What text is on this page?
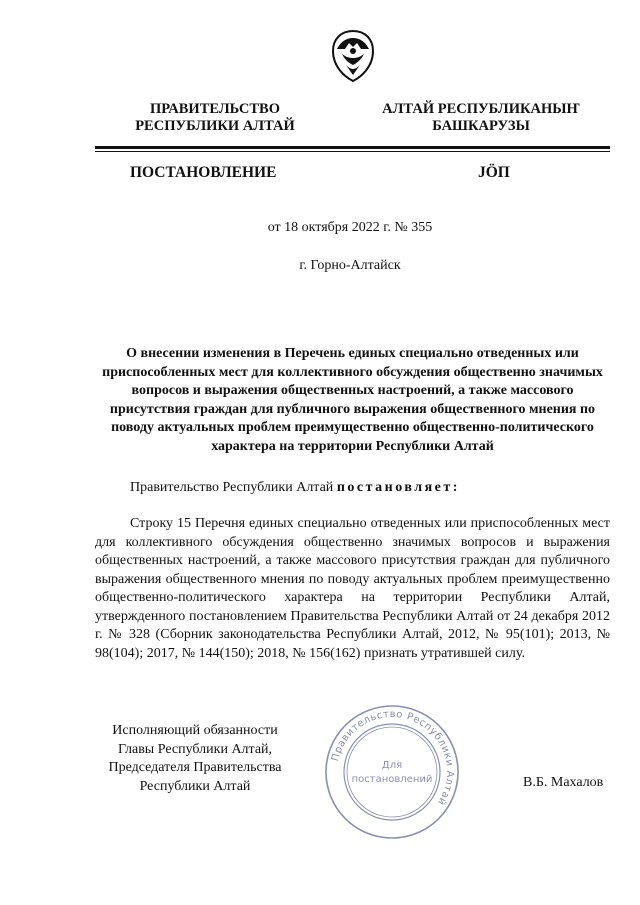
ПРАВИТЕЛЬСТВО
РЕСПУБЛИКИ АЛТАЙ
АЛТАЙ РЕСПУБЛИКАНЫҤ
БАШКАРУЗЫ
ПОСТАНОВЛЕНИЕ	JÖП
от 18 октября 2022 г. № 355
г. Горно-Алтайск
О внесении изменения в Перечень единых специально отведенных или приспособленных мест для коллективного обсуждения общественно значимых вопросов и выражения общественных настроений, а также массового присутствия граждан для публичного выражения общественного мнения по поводу актуальных проблем преимущественно общественно-политического характера на территории Республики Алтай
Правительство Республики Алтай постановляет:
Строку 15 Перечня единых специально отведенных или приспособленных мест для коллективного обсуждения общественно значимых вопросов и выражения общественных настроений, а также массового присутствия граждан для публичного выражения общественного мнения по поводу актуальных проблем преимущественно общественно-политического характера на территории Республики Алтай, утвержденного постановлением Правительства Республики Алтай от 24 декабря 2012 г. № 328 (Сборник законодательства Республики Алтай, 2012, № 95(101); 2013, № 98(104); 2017, № 144(150); 2018, № 156(162) признать утратившей силу.
Исполняющий обязанности
Главы Республики Алтай,
Председателя Правительства
Республики Алтай
Правительство Республики Алтай
Для
постановлений	В.Б. Махалов
